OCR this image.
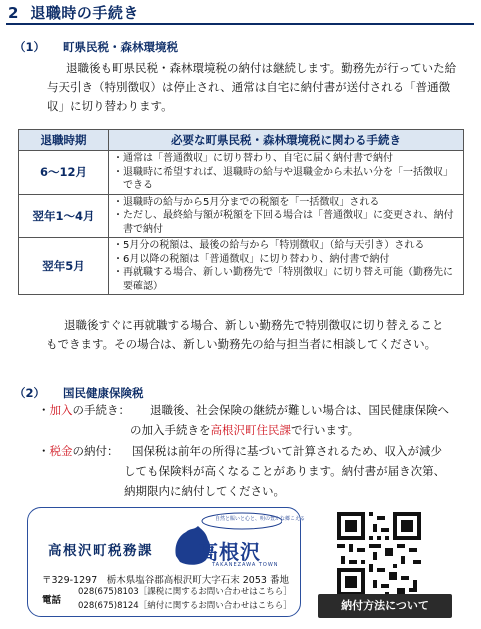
2 退職時の手続き
（1） 町県民税・森林環境税
退職後も町県民税・森林環境税の納付は継続します。勤務先が行っていた給
与天引き（特別徴収）は停止され、通常は自宅に納付書が送付される「普通徴
収」に切り替わります。
退職時期	必要な町県民税・森林環境税に関わる手続き
6～12月	・通常は「普通徴収」に切り替わり、自宅に届く納付書で納付
・退職時に希望すれば、退職時の給与や退職金から未払い分を「一括徴収」できる

翌年1～4月	・退職時の給与から5月分までの税額を「一括徴収」される
・ただし、最終給与額が税額を下回る場合は「普通徴収」に変更され、納付書で納付

翌年5月	・5月分の税額は、最後の給与から「特別徴収」（給与天引き）される
・6月以降の税額は「普通徴収」に切り替わり、納付書で納付
・再就職する場合、新しい勤務先で「特別徴収」に切り替え可能（勤務先に要確認）
退職後すぐに再就職する場合、新しい勤務先で特別徴収に切り替えること
もできます。その場合は、新しい勤務先の給与担当者に相談してください。
（2） 国民健康保険税
・加入の手続き： 退職後、社会保険の継続が難しい場合は、国民健康保険へ
の加入手続きを高根沢町住民課で行います。
・税金の納付： 国保税は前年の所得に基づいて計算されるため、収入が減少
しても保険料が高くなることがあります。納付書が届き次第、
納期限内に納付してください。
高根沢町税務課
自然と賑いと心と、明の豊かな郷こえる
高根沢
TAKANEZAWA TOWN
〒329-1297　栃木県塩谷郡高根沢町大字石末 2053 番地
電話
028(675)8103［課税に関するお問い合わせはこちら］
028(675)8124［納付に関するお問い合わせはこちら］	納付方法について
